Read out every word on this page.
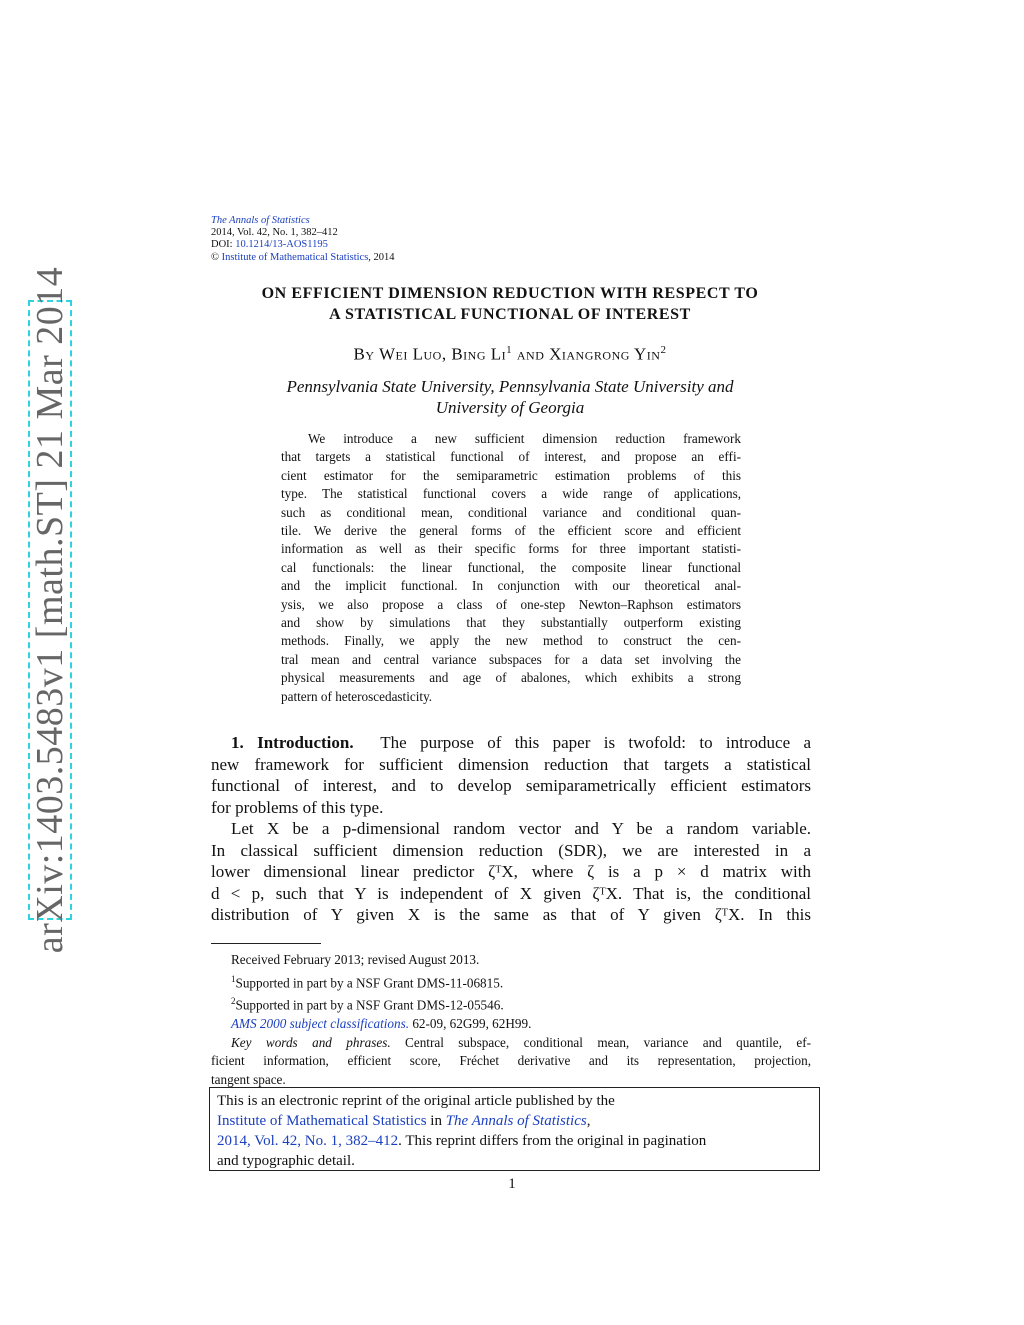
arXiv:1403.5483v1 [math.ST] 21 Mar 2014
The Annals of Statistics
2014, Vol. 42, No. 1, 382–412
DOI: 10.1214/13-AOS1195
© Institute of Mathematical Statistics, 2014
ON EFFICIENT DIMENSION REDUCTION WITH RESPECT TO
A STATISTICAL FUNCTIONAL OF INTEREST
By Wei Luo, Bing Li$^1$ and Xiangrong Yin$^2$
Pennsylvania State University, Pennsylvania State University and
University of Georgia
We introduce a new sufficient dimension reduction framework
that targets a statistical functional of interest, and propose an effi-
cient estimator for the semiparametric estimation problems of this
type. The statistical functional covers a wide range of applications,
such as conditional mean, conditional variance and conditional quan-
tile. We derive the general forms of the efficient score and efficient
information as well as their specific forms for three important statisti-
cal functionals: the linear functional, the composite linear functional
and the implicit functional. In conjunction with our theoretical anal-
ysis, we also propose a class of one-step Newton–Raphson estimators
and show by simulations that they substantially outperform existing
methods. Finally, we apply the new method to construct the cen-
tral mean and central variance subspaces for a data set involving the
physical measurements and age of abalones, which exhibits a strong
pattern of heteroscedasticity.
1. Introduction. The purpose of this paper is twofold: to introduce a
new framework for sufficient dimension reduction that targets a statistical
functional of interest, and to develop semiparametrically efficient estimators
for problems of this type.
Let X be a p-dimensional random vector and Y be a random variable.
In classical sufficient dimension reduction (SDR), we are interested in a
lower dimensional linear predictor ζᵀX, where ζ is a p × d matrix with
d < p, such that Y is independent of X given ζᵀX. That is, the conditional
distribution of Y given X is the same as that of Y given ζᵀX. In this
Received February 2013; revised August 2013.
$^1$Supported in part by a NSF Grant DMS-11-06815.
$^2$Supported in part by a NSF Grant DMS-12-05546.
AMS 2000 subject classifications. 62-09, 62G99, 62H99.
Key words and phrases. Central subspace, conditional mean, variance and quantile, ef-
ficient information, efficient score, Fréchet derivative and its representation, projection,
tangent space.
This is an electronic reprint of the original article published by the
Institute of Mathematical Statistics in The Annals of Statistics,
2014, Vol. 42, No. 1, 382–412. This reprint differs from the original in pagination
and typographic detail.
1
